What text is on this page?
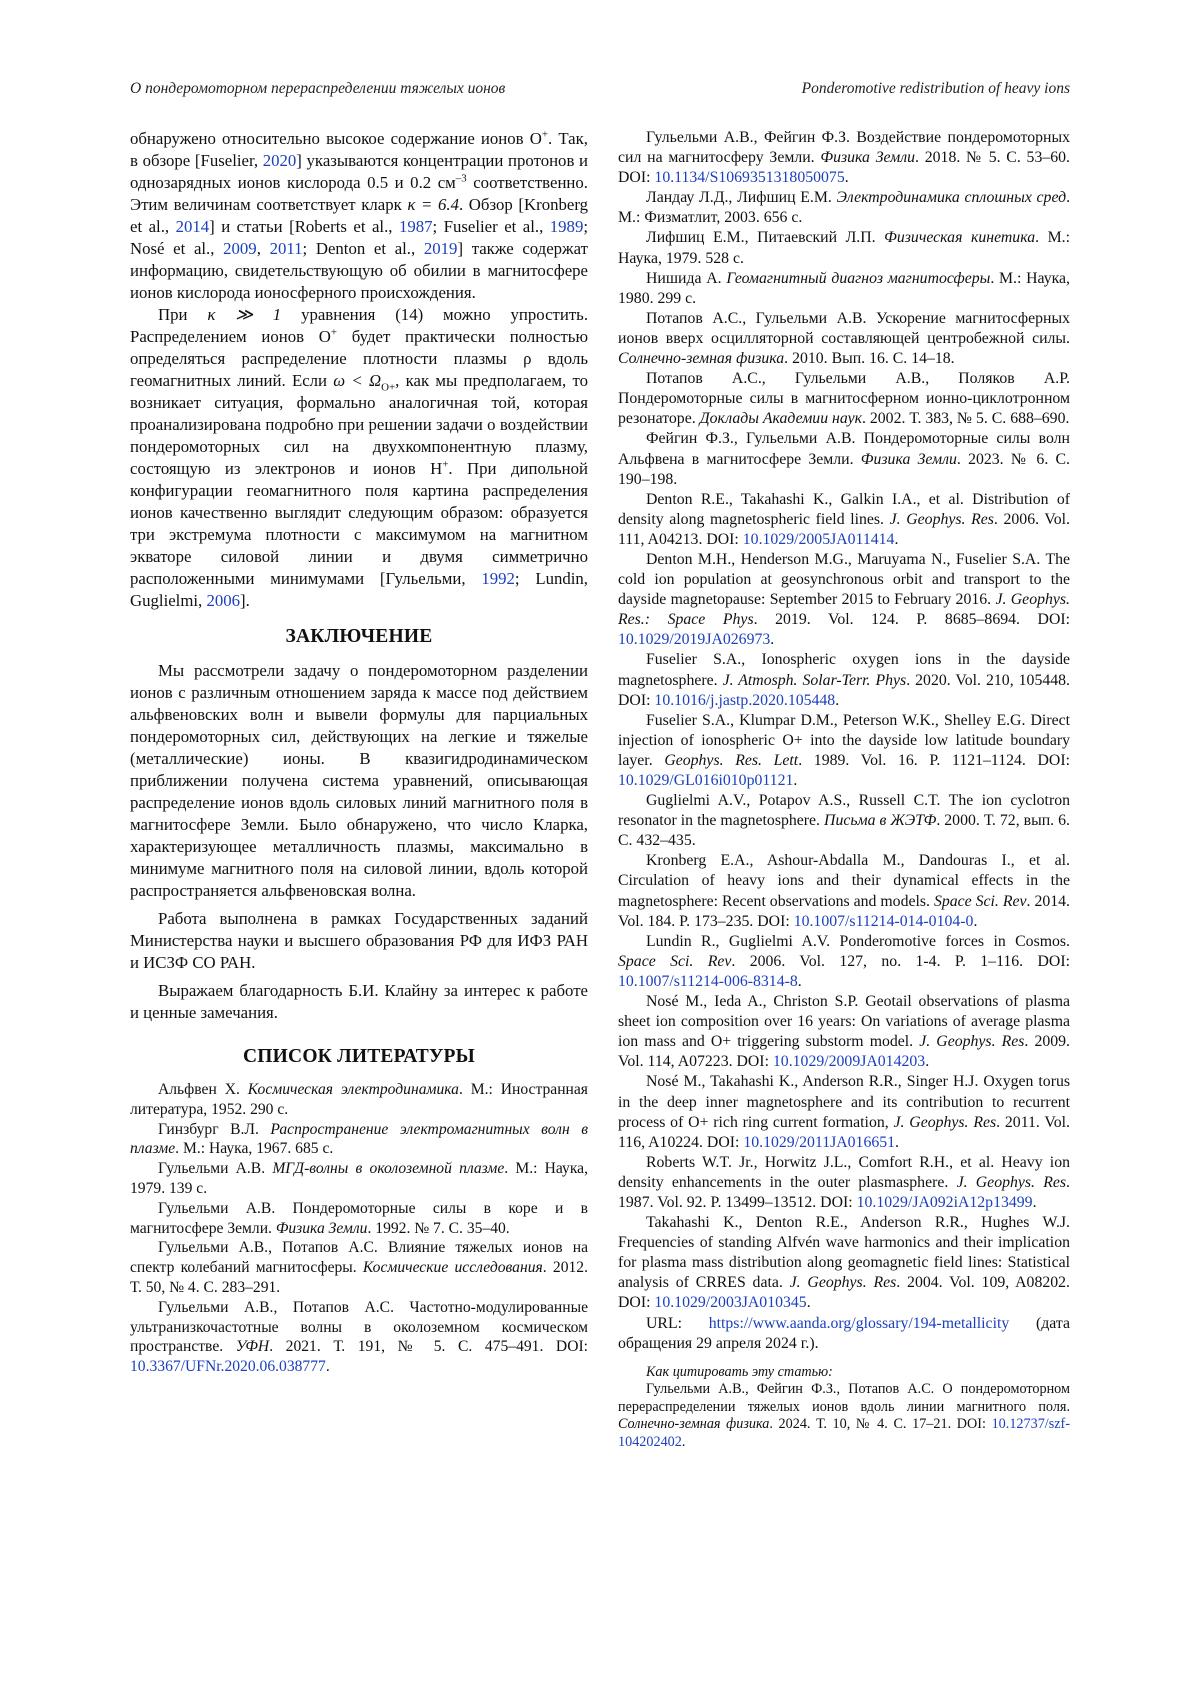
О пондеромоторном перераспределении тяжелых ионов	Ponderomotive redistribution of heavy ions

обнаружено относительно высокое содержание ионов O+. Так, в обзоре [Fuselier, 2020] указываются концентрации протонов и однозарядных ионов кислорода 0.5 и 0.2 $см^{-3}$ соответственно. Этим величинам соответствует кларк κ = 6.4. Обзор [Kronberg et al., 2014] и статьи [Roberts et al., 1987; Fuselier et al., 1989; Nosé et al., 2009, 2011; Denton et al., 2019] также содержат информацию, свидетельствующую об обилии в магнитосфере ионов кислорода ионосферного происхождения.

При κ ≫ 1 уравнения (14) можно упростить. Распределением ионов O+ будет практически полностью определяться распределение плотности плазмы ρ вдоль геомагнитных линий. Если $\omega < \Omega_{O+}$, как мы предполагаем, то возникает ситуация, формально аналогичная той, которая проанализирована подробно при решении задачи о воздействии пондеромоторных сил на двухкомпонентную плазму, состоящую из электронов и ионов H+. При дипольной конфигурации геомагнитного поля картина распределения ионов качественно выглядит следующим образом: образуется три экстремума плотности с максимумом на магнитном экваторе силовой линии и двумя симметрично расположенными минимумами [Гульельми, 1992; Lundin, Guglielmi, 2006].

ЗАКЛЮЧЕНИЕ

Мы рассмотрели задачу о пондеромоторном разделении ионов с различным отношением заряда к массе под действием альфвеновских волн и вывели формулы для парциальных пондеромоторных сил, действующих на легкие и тяжелые (металлические) ионы. В квазигидродинамическом приближении получена система уравнений, описывающая распределение ионов вдоль силовых линий магнитного поля в магнитосфере Земли. Было обнаружено, что число Кларка, характеризующее металличность плазмы, максимально в минимуме магнитного поля на силовой линии, вдоль которой распространяется альфвеновская волна.

Работа выполнена в рамках Государственных заданий Министерства науки и высшего образования РФ для ИФЗ РАН и ИСЗФ СО РАН.

Выражаем благодарность Б.И. Клайну за интерес к работе и ценные замечания.

СПИСОК ЛИТЕРАТУРЫ

Альфвен Х. Космическая электродинамика. М.: Иностранная литература, 1952. 290 с.

Гинзбург В.Л. Распространение электромагнитных волн в плазме. М.: Наука, 1967. 685 с.

Гульельми А.В. МГД-волны в околоземной плазме. М.: Наука, 1979. 139 с.

Гульельми А.В. Пондеромоторные силы в коре и в магнитосфере Земли. Физика Земли. 1992. № 7. С. 35–40.

Гульельми А.В., Потапов А.С. Влияние тяжелых ионов на спектр колебаний магнитосферы. Космические исследования. 2012. Т. 50, № 4. С. 283–291.

Гульельми А.В., Потапов А.С. Частотно-модулированные ультранизкочастотные волны в околоземном космическом пространстве. УФН. 2021. Т. 191, № 5. С. 475–491. DOI: 10.3367/UFNr.2020.06.038777.

Гульельми А.В., Фейгин Ф.З. Воздействие пондеромоторных сил на магнитосферу Земли. Физика Земли. 2018. № 5. С. 53–60. DOI: 10.1134/S1069351318050075.

Ландау Л.Д., Лифшиц Е.М. Электродинамика сплошных сред. М.: Физматлит, 2003. 656 с.

Лифшиц Е.М., Питаевский Л.П. Физическая кинетика. М.: Наука, 1979. 528 с.

Нишида А. Геомагнитный диагноз магнитосферы. М.: Наука, 1980. 299 с.

Потапов А.С., Гульельми А.В. Ускорение магнитосферных ионов вверх осцилляторной составляющей центробежной силы. Солнечно-земная физика. 2010. Вып. 16. С. 14–18.

Потапов А.С., Гульельми А.В., Поляков А.Р. Пондеромоторные силы в магнитосферном ионно-циклотронном резонаторе. Доклады Академии наук. 2002. Т. 383, № 5. С. 688–690.

Фейгин Ф.З., Гульельми А.В. Пондеромоторные силы волн Альфвена в магнитосфере Земли. Физика Земли. 2023. № 6. С. 190–198.

Denton R.E., Takahashi K., Galkin I.A., et al. Distribution of density along magnetospheric field lines. J. Geophys. Res. 2006. Vol. 111, A04213. DOI: 10.1029/2005JA011414.

Denton M.H., Henderson M.G., Maruyama N., Fuselier S.A. The cold ion population at geosynchronous orbit and transport to the dayside magnetopause: September 2015 to February 2016. J. Geophys. Res.: Space Phys. 2019. Vol. 124. P. 8685–8694. DOI: 10.1029/2019JA026973.

Fuselier S.A., Ionospheric oxygen ions in the dayside magnetosphere. J. Atmosph. Solar-Terr. Phys. 2020. Vol. 210, 105448. DOI: 10.1016/j.jastp.2020.105448.

Fuselier S.A., Klumpar D.M., Peterson W.K., Shelley E.G. Direct injection of ionospheric O+ into the dayside low latitude boundary layer. Geophys. Res. Lett. 1989. Vol. 16. P. 1121–1124. DOI: 10.1029/GL016i010p01121.

Guglielmi A.V., Potapov A.S., Russell C.T. The ion cyclotron resonator in the magnetosphere. Письма в ЖЭТФ. 2000. Т. 72, вып. 6. С. 432–435.

Kronberg E.A., Ashour-Abdalla M., Dandouras I., et al. Circulation of heavy ions and their dynamical effects in the magnetosphere: Recent observations and models. Space Sci. Rev. 2014. Vol. 184. P. 173–235. DOI: 10.1007/s11214-014-0104-0.

Lundin R., Guglielmi A.V. Ponderomotive forces in Cosmos. Space Sci. Rev. 2006. Vol. 127, no. 1-4. P. 1–116. DOI: 10.1007/s11214-006-8314-8.

Nosé M., Ieda A., Christon S.P. Geotail observations of plasma sheet ion composition over 16 years: On variations of average plasma ion mass and O+ triggering substorm model. J. Geophys. Res. 2009. Vol. 114, A07223. DOI: 10.1029/2009JA014203.

Nosé M., Takahashi K., Anderson R.R., Singer H.J. Oxygen torus in the deep inner magnetosphere and its contribution to recurrent process of O+ rich ring current formation, J. Geophys. Res. 2011. Vol. 116, A10224. DOI: 10.1029/2011JA016651.

Roberts W.T. Jr., Horwitz J.L., Comfort R.H., et al. Heavy ion density enhancements in the outer plasmasphere. J. Geophys. Res. 1987. Vol. 92. P. 13499–13512. DOI: 10.1029/JA092iA12p13499.

Takahashi K., Denton R.E., Anderson R.R., Hughes W.J. Frequencies of standing Alfvén wave harmonics and their implication for plasma mass distribution along geomagnetic field lines: Statistical analysis of CRRES data. J. Geophys. Res. 2004. Vol. 109, A08202. DOI: 10.1029/2003JA010345.

URL: https://www.aanda.org/glossary/194-metallicity (дата обращения 29 апреля 2024 г.).

Как цитировать эту статью:

Гульельми А.В., Фейгин Ф.З., Потапов А.С. О пондеромоторном перераспределении тяжелых ионов вдоль линии магнитного поля. Солнечно-земная физика. 2024. Т. 10, № 4. С. 17–21. DOI: 10.12737/szf-104202402.
